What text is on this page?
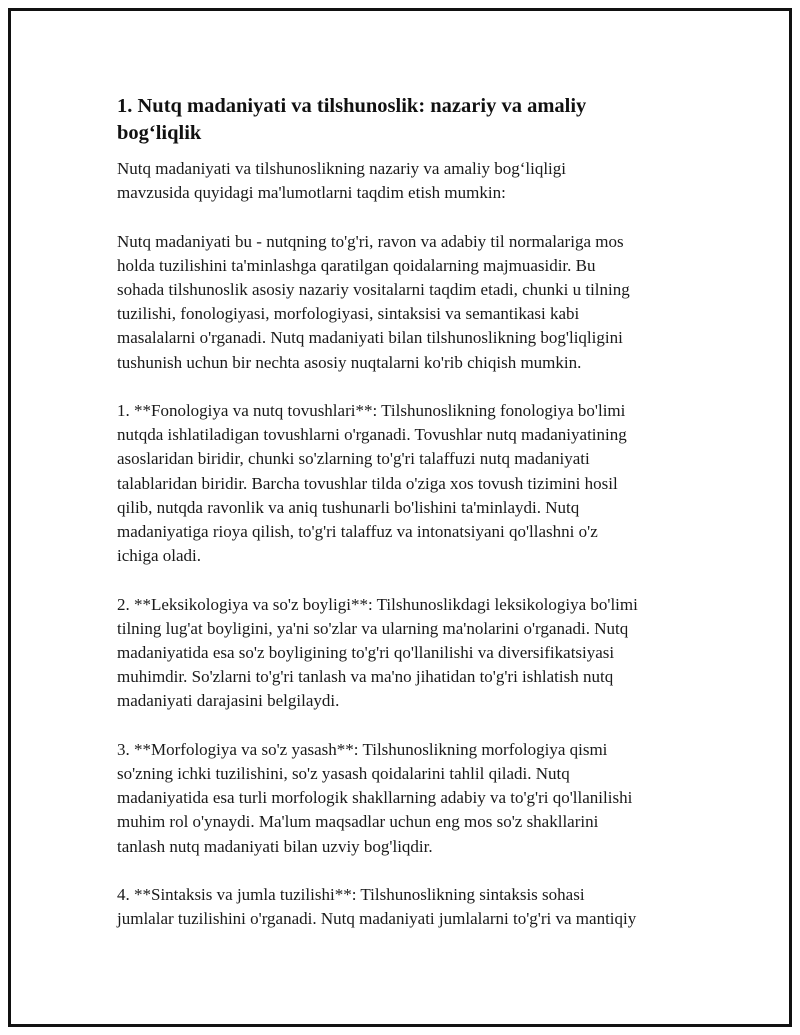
1. Nutq madaniyati va tilshunoslik: nazariy va amaliy
bog‘liqlik

Nutq madaniyati va tilshunoslikning nazariy va amaliy bog‘liqligi
mavzusida quyidagi ma'lumotlarni taqdim etish mumkin:

Nutq madaniyati bu - nutqning to'g'ri, ravon va adabiy til normalariga mos
holda tuzilishini ta'minlashga qaratilgan qoidalarning majmuasidir. Bu
sohada tilshunoslik asosiy nazariy vositalarni taqdim etadi, chunki u tilning
tuzilishi, fonologiyasi, morfologiyasi, sintaksisi va semantikasi kabi
masalalarni o'rganadi. Nutq madaniyati bilan tilshunoslikning bog'liqligini
tushunish uchun bir nechta asosiy nuqtalarni ko'rib chiqish mumkin.

1. **Fonologiya va nutq tovushlari**: Tilshunoslikning fonologiya bo'limi
nutqda ishlatiladigan tovushlarni o'rganadi. Tovushlar nutq madaniyatining
asoslaridan biridir, chunki so'zlarning to'g'ri talaffuzi nutq madaniyati
talablaridan biridir. Barcha tovushlar tilda o'ziga xos tovush tizimini hosil
qilib, nutqda ravonlik va aniq tushunarli bo'lishini ta'minlaydi. Nutq
madaniyatiga rioya qilish, to'g'ri talaffuz va intonatsiyani qo'llashni o'z
ichiga oladi.

2. **Leksikologiya va so'z boyligi**: Tilshunoslikdagi leksikologiya bo'limi
tilning lug'at boyligini, ya'ni so'zlar va ularning ma'nolarini o'rganadi. Nutq
madaniyatida esa so'z boyligining to'g'ri qo'llanilishi va diversifikatsiyasi
muhimdir. So'zlarni to'g'ri tanlash va ma'no jihatidan to'g'ri ishlatish nutq
madaniyati darajasini belgilaydi.

3. **Morfologiya va so'z yasash**: Tilshunoslikning morfologiya qismi
so'zning ichki tuzilishini, so'z yasash qoidalarini tahlil qiladi. Nutq
madaniyatida esa turli morfologik shakllarning adabiy va to'g'ri qo'llanilishi
muhim rol o'ynaydi. Ma'lum maqsadlar uchun eng mos so'z shakllarini
tanlash nutq madaniyati bilan uzviy bog'liqdir.

4. **Sintaksis va jumla tuzilishi**: Tilshunoslikning sintaksis sohasi
jumlalar tuzilishini o'rganadi. Nutq madaniyati jumlalarni to'g'ri va mantiqiy
